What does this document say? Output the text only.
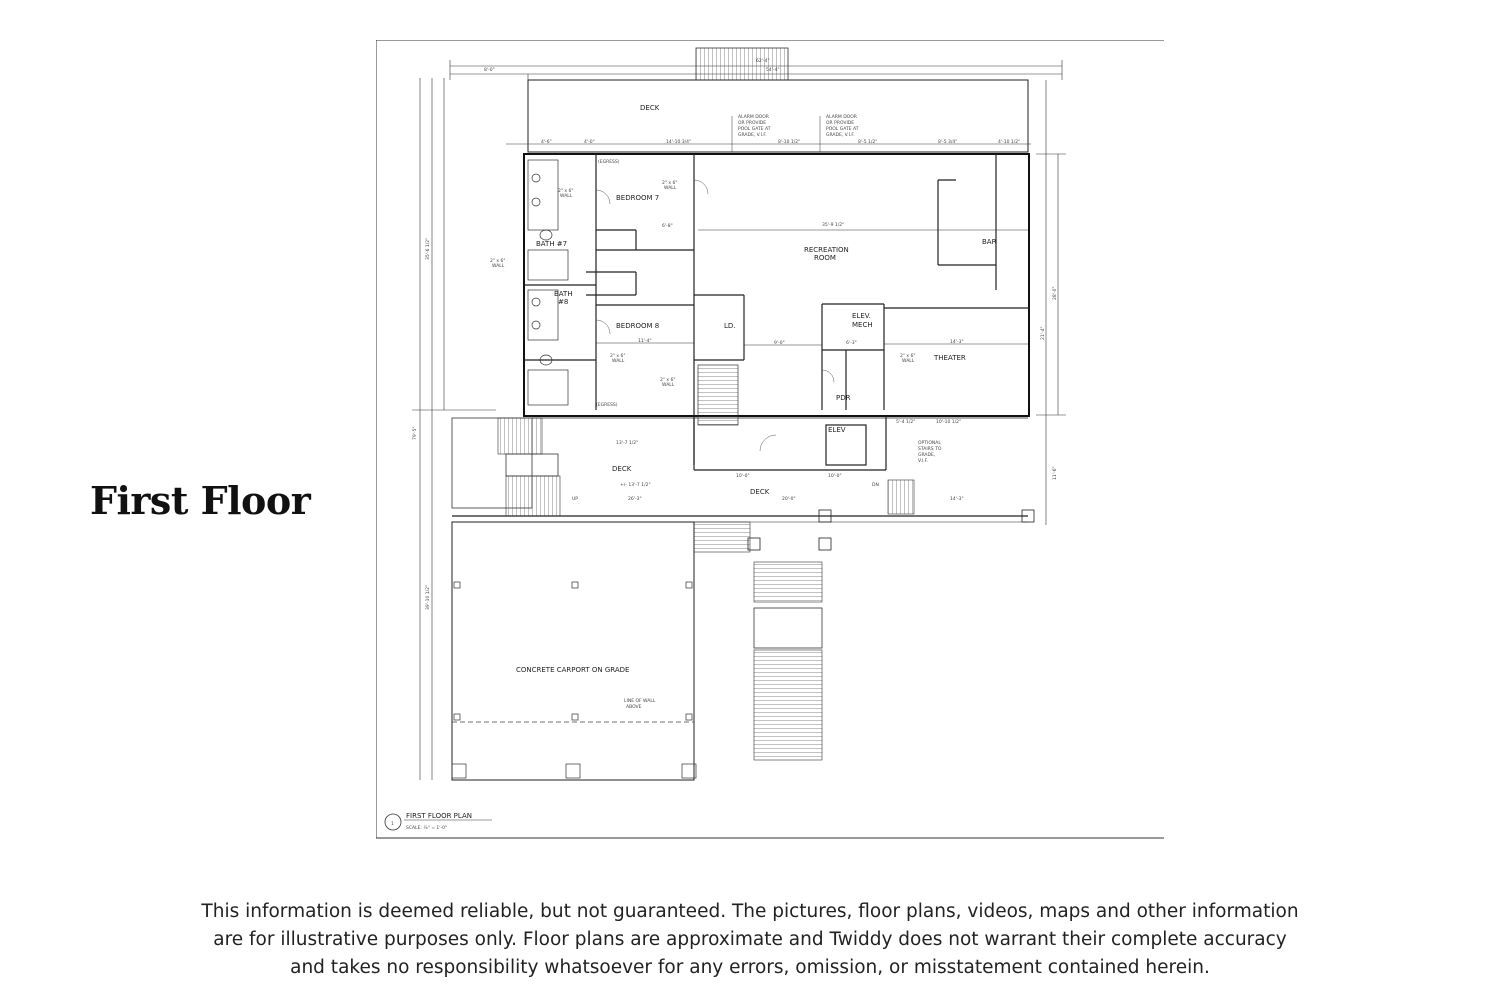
First Floor
8'-0"
4'-6"	4'-0"	14'-10 3/4"	8'-10 1/2"	8'-5 1/2"	8'-5 3/4"	4'-10 1/2"
79'-5"
35'-6 1/2"
39'-10 1/2"
28'-0"
21'-4"
11'-6"
DECK
ALARM DOOR
OR PROVIDE
POOL GATE AT
GRADE, V.I.F.
ALARM DOOR
OR PROVIDE
POOL GATE AT
GRADE, V.I.F.
BEDROOM 7
BATH #7
BATH
#8
BEDROOM 8
RECREATION
ROOM
BAR
ELEV.
MECH
THEATER
PDR
ELEV
LD.
(EGRESS)
(EGRESS)
2" x 6"
WALL
2" x 6"
WALL
2" x 6"
WALL
2" x 6"
WALL
2" x 6"
WALL
2" x 6"
WALL
35'-9 1/2"
11'-4"
6'-8"
9'-0"	6'-3"	14'-3"
10'-10 1/2"
5'-4 1/2"
DECK
13'-7 1/2"
+/- 13'-7 1/2"
26'-3"
DECK
20'-0"	14'-3"
10'-0"	10'-0"
UP
DN
OPTIONAL
STAIRS TO
GRADE,
V.I.F.
CONCRETE CARPORT ON GRADE
LINE OF WALL
ABOVE
1
FIRST FLOOR PLAN
SCALE: ⅛" = 1'-0"
This information is deemed reliable, but not guaranteed. The pictures, floor plans, videos, maps and other information
are for illustrative purposes only. Floor plans are approximate and Twiddy does not warrant their complete accuracy
and takes no responsibility whatsoever for any errors, omission, or misstatement contained herein.
